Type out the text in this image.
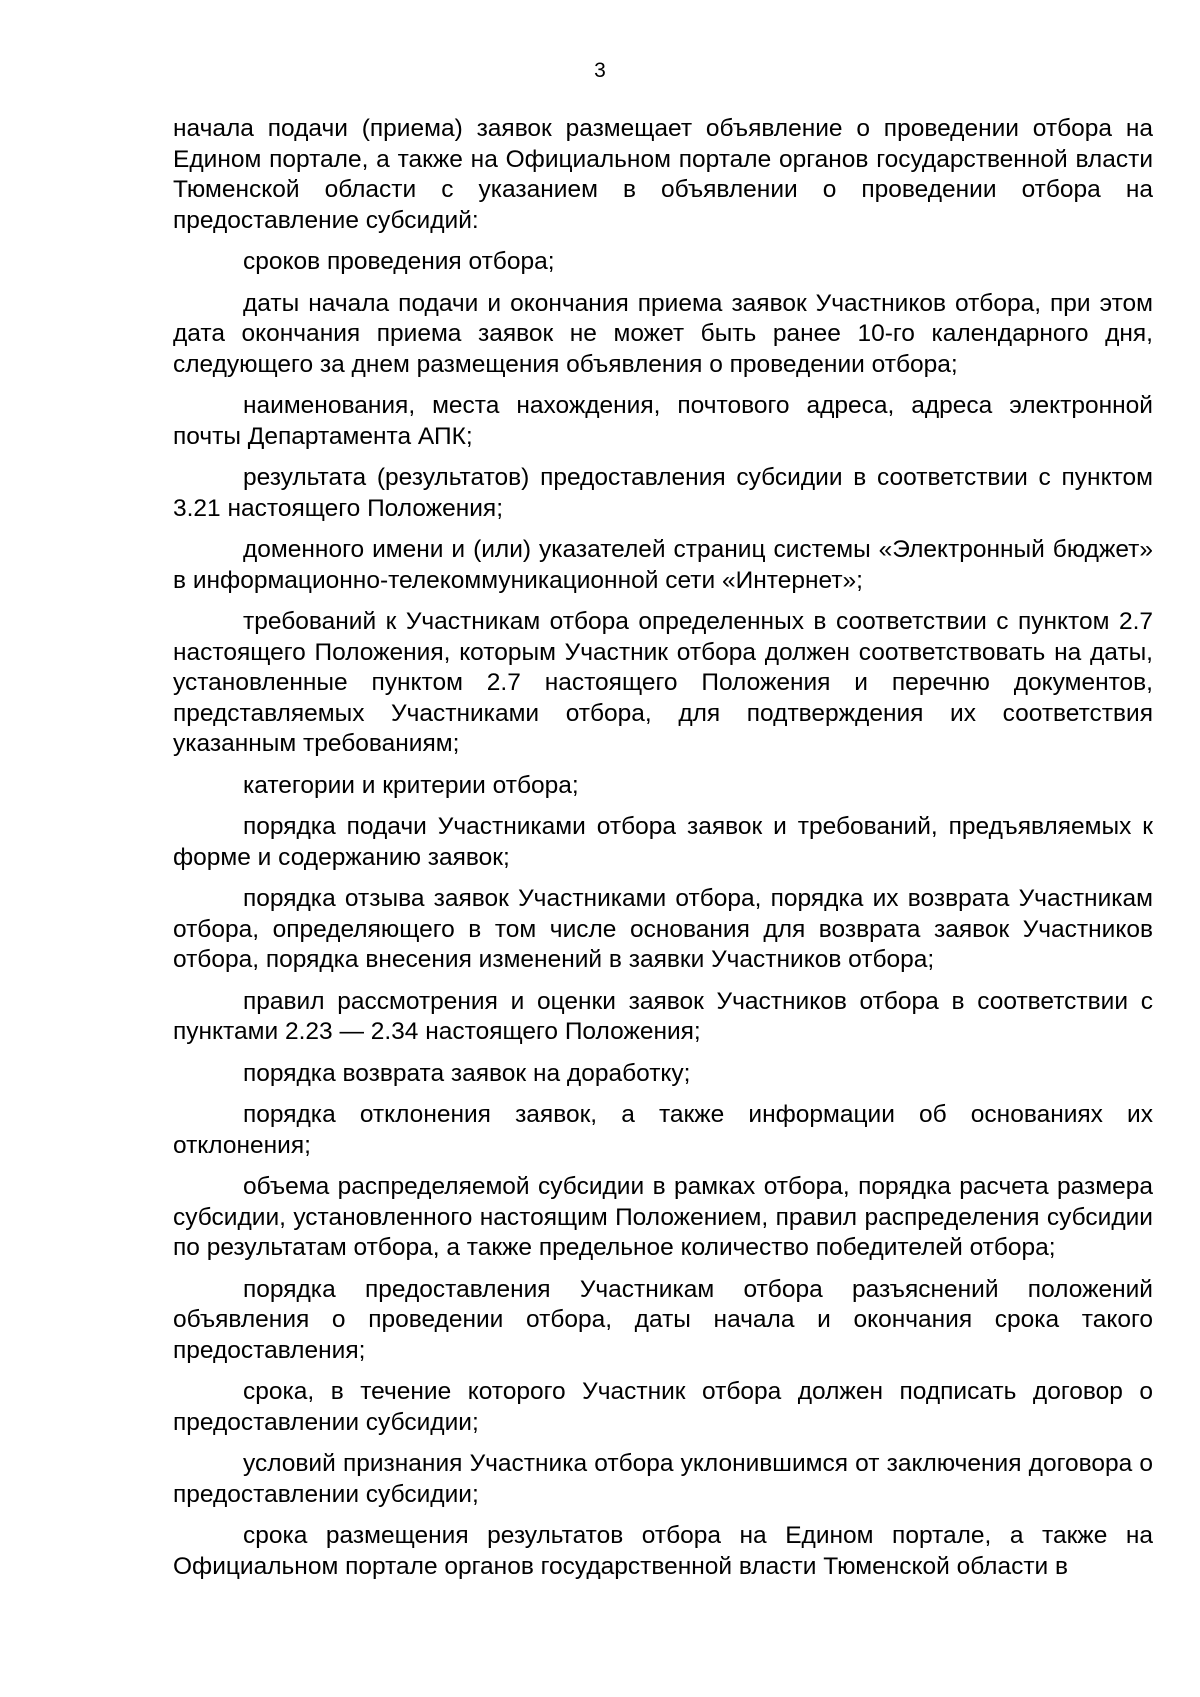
3

начала подачи (приема) заявок размещает объявление о проведении отбора на Едином портале, а также на Официальном портале органов государственной власти Тюменской области с указанием в объявлении о проведении отбора на предоставление субсидий:

сроков проведения отбора;

даты начала подачи и окончания приема заявок Участников отбора, при этом дата окончания приема заявок не может быть ранее 10-го календарного дня, следующего за днем размещения объявления о проведении отбора;

наименования, места нахождения, почтового адреса, адреса электронной почты Департамента АПК;

результата (результатов) предоставления субсидии в соответствии с пунктом 3.21 настоящего Положения;

доменного имени и (или) указателей страниц системы «Электронный бюджет» в информационно-телекоммуникационной сети «Интернет»;

требований к Участникам отбора определенных в соответствии с пунктом 2.7 настоящего Положения, которым Участник отбора должен соответствовать на даты, установленные пунктом 2.7 настоящего Положения и перечню документов, представляемых Участниками отбора, для подтверждения их соответствия указанным требованиям;

категории и критерии отбора;

порядка подачи Участниками отбора заявок и требований, предъявляемых к форме и содержанию заявок;

порядка отзыва заявок Участниками отбора, порядка их возврата Участникам отбора, определяющего в том числе основания для возврата заявок Участников отбора, порядка внесения изменений в заявки Участников отбора;

правил рассмотрения и оценки заявок Участников отбора в соответствии с пунктами 2.23 — 2.34 настоящего Положения;

порядка возврата заявок на доработку;

порядка отклонения заявок, а также информации об основаниях их отклонения;

объема распределяемой субсидии в рамках отбора, порядка расчета размера субсидии, установленного настоящим Положением, правил распределения субсидии по результатам отбора, а также предельное количество победителей отбора;

порядка предоставления Участникам отбора разъяснений положений объявления о проведении отбора, даты начала и окончания срока такого предоставления;

срока, в течение которого Участник отбора должен подписать договор о предоставлении субсидии;

условий признания Участника отбора уклонившимся от заключения договора о предоставлении субсидии;

срока размещения результатов отбора на Едином портале, а также на Официальном портале органов государственной власти Тюменской области в
